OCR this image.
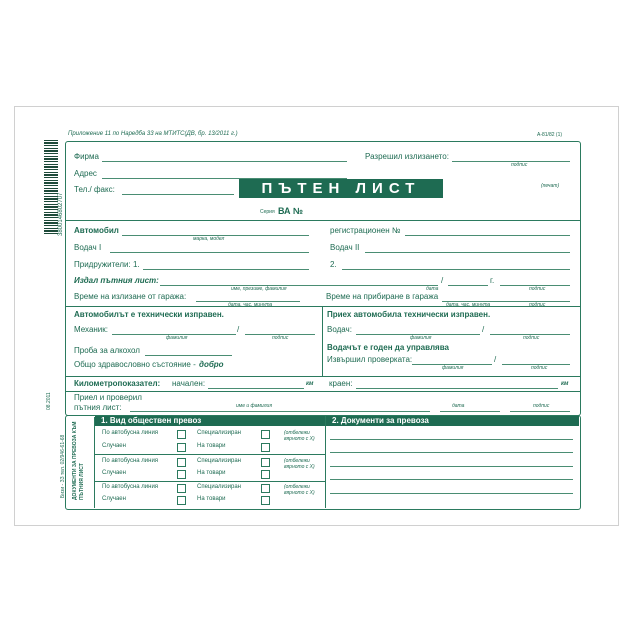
3800146802707
Приложение 11 по Наредба 33 на МТИТС(ДВ, бр. 13/2011 г.)	А-81/82 (1)
Фирма	Разрешил излизането:
подпис
Адрес
Тел./ факс:	(печат)
ПЪТЕН ЛИСТ
Серия ВА №
Автомобил
марка, модел
регистрационен №
Водач I	Водач II
Придружители: 1.	2.
Издал пътния лист:
име, презиме, фамилия
/	г.
дата	подпис
Време на излизане от гаража:
дата, час, минута
Време на прибиране в гаража
дата, час, минута	подпис
Автомобилът е технически изправен.
Механик:	/
фамилия	подпис
Проба за алкохол
Общо здравословно състояние - добро
Приех автомобила технически изправен.
Водач:	/
фамилия	подпис
Водачът е годен да управлява
Извършил проверката:	/
фамилия	подпис
Километропоказател: начален:	км краен:	км
Приел и проверил
пътния лист:	име и фамилия	дата	подпис
08.2011
Бизи - ЗЗ тел. 02/946-61-68 ДОКУМЕНТИ ЗА ПРЕВОЗА КЪМ ПЪТНИЯ ЛИСТ
1. Вид обществен превоз	2. Документи за превоза
По автобусна линия	Специализиран	(отбележи вярното с Х)
Случаен	На товари
По автобусна линия	Специализиран	(отбележи вярното с Х)
Случаен	На товари
По автобусна линия	Специализиран	(отбележи вярното с Х)
Случаен	На товари
